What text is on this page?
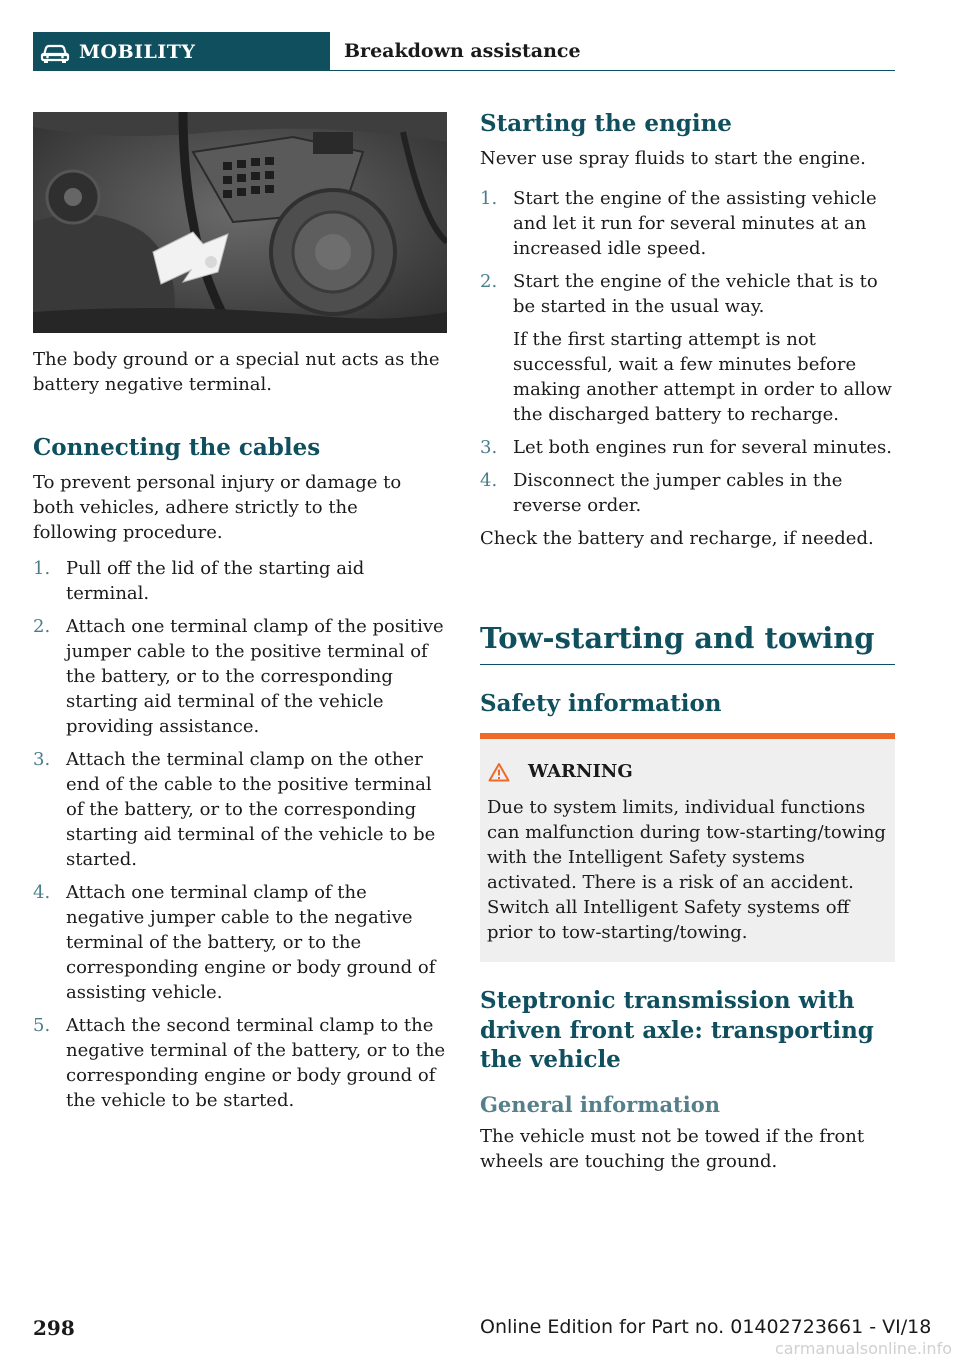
MOBILITY	Breakdown assistance

The body ground or a special nut acts as the battery negative terminal.

Connecting the cables

To prevent personal injury or damage to both vehicles, adhere strictly to the following procedure.

1. Pull off the lid of the starting aid terminal.
2. Attach one terminal clamp of the positive jumper cable to the positive terminal of the battery, or to the corresponding starting aid terminal of the vehicle providing assistance.
3. Attach the terminal clamp on the other end of the cable to the positive terminal of the battery, or to the corresponding starting aid terminal of the vehicle to be started.
4. Attach one terminal clamp of the negative jumper cable to the negative terminal of the battery, or to the corresponding engine or body ground of assisting vehicle.
5. Attach the second terminal clamp to the negative terminal of the battery, or to the corresponding engine or body ground of the vehicle to be started.
Starting the engine

Never use spray fluids to start the engine.

1. Start the engine of the assisting vehicle and let it run for several minutes at an increased idle speed.
2. Start the engine of the vehicle that is to be started in the usual way.

If the first starting attempt is not successful, wait a few minutes before making another attempt in order to allow the discharged battery to recharge.

3. Let both engines run for several minutes.
4. Disconnect the jumper cables in the reverse order.

Check the battery and recharge, if needed.

Tow-starting and towing
Safety information
WARNING
Due to system limits, individual functions can malfunction during tow-starting/towing with the Intelligent Safety systems activated. There is a risk of an accident. Switch all Intelligent Safety systems off prior to tow-starting/towing.
Steptronic transmission with driven front axle: transporting the vehicle
General information

The vehicle must not be towed if the front wheels are touching the ground.

298	Online Edition for Part no. 01402723661 - VI/18
carmanualsonline.info
